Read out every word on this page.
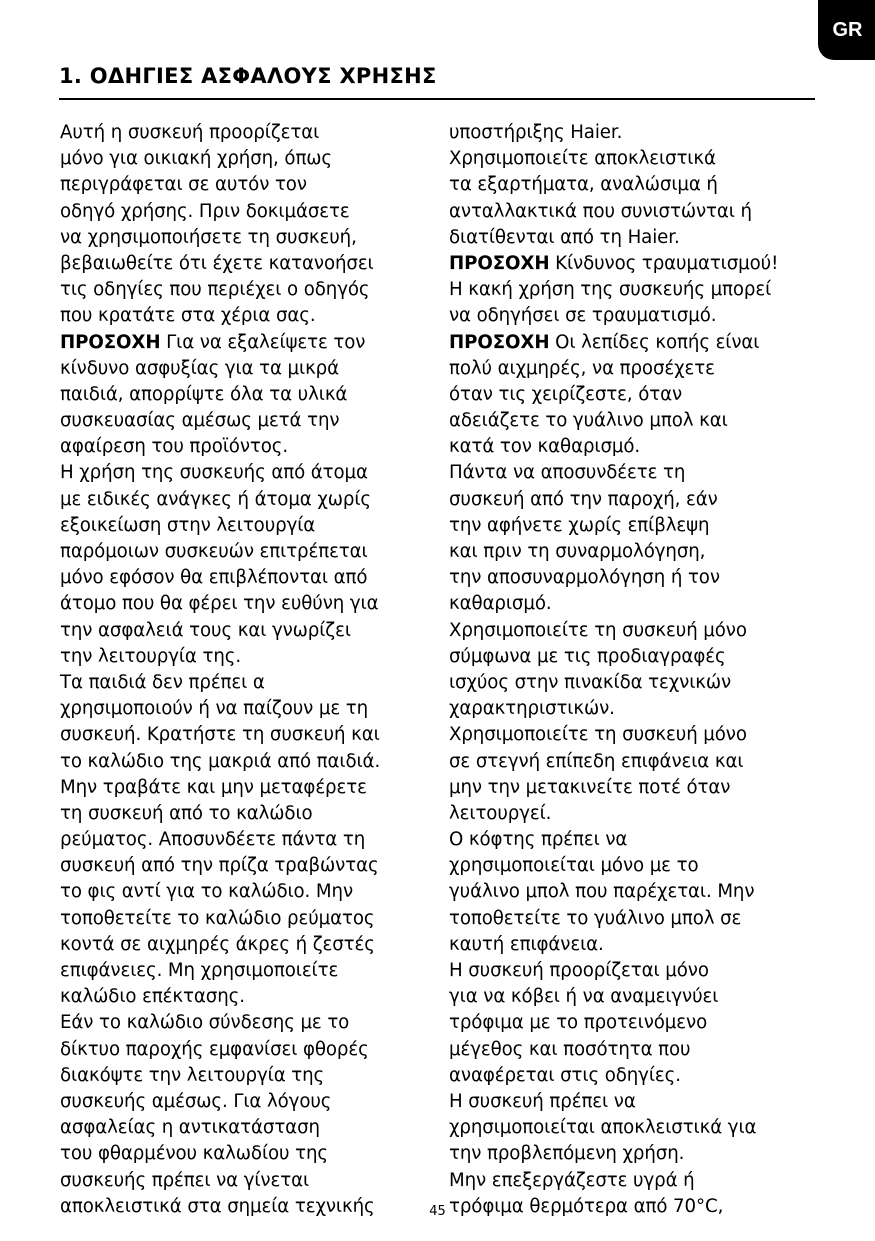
GR
1. ΟΔΗΓΙΕΣ ΑΣΦΑΛΟΥΣ ΧΡΗΣΗΣ
Αυτή η συσκευή προορίζεται
μόνο για οικιακή χρήση, όπως
περιγράφεται σε αυτόν τον
οδηγό χρήσης. Πριν δοκιμάσετε
να χρησιμοποιήσετε τη συσκευή,
βεβαιωθείτε ότι έχετε κατανοήσει
τις οδηγίες που περιέχει ο οδηγός
που κρατάτε στα χέρια σας.
ΠΡΟΣΟΧΗ Για να εξαλείψετε τον
κίνδυνο ασφυξίας για τα μικρά
παιδιά, απορρίψτε όλα τα υλικά
συσκευασίας αμέσως μετά την
αφαίρεση του προϊόντος.
Η χρήση της συσκευής από άτομα
με ειδικές ανάγκες ή άτομα χωρίς
εξοικείωση στην λειτουργία
παρόμοιων συσκευών επιτρέπεται
μόνο εφόσον θα επιβλέπονται από
άτομο που θα φέρει την ευθύνη για
την ασφαλειά τους και γνωρίζει
την λειτουργία της.
Τα παιδιά δεν πρέπει α
χρησιμοποιούν ή να παίζουν με τη
συσκευή. Κρατήστε τη συσκευή και
το καλώδιο της μακριά από παιδιά.
Μην τραβάτε και μην μεταφέρετε
τη συσκευή από το καλώδιο
ρεύματος. Αποσυνδέετε πάντα τη
συσκευή από την πρίζα τραβώντας
το φις αντί για το καλώδιο. Μην
τοποθετείτε το καλώδιο ρεύματος
κοντά σε αιχμηρές άκρες ή ζεστές
επιφάνειες. Μη χρησιμοποιείτε
καλώδιο επέκτασης.
Εάν το καλώδιο σύνδεσης με το
δίκτυο παροχής εμφανίσει φθορές
διακόψτε την λειτουργία της
συσκευής αμέσως. Για λόγους
ασφαλείας η αντικατάσταση
του φθαρμένου καλωδίου της
συσκευής πρέπει να γίνεται
αποκλειστικά στα σημεία τεχνικής
υποστήριξης Haier.
Χρησιμοποιείτε αποκλειστικά
τα εξαρτήματα, αναλώσιμα ή
ανταλλακτικά που συνιστώνται ή
διατίθενται από τη Haier.
ΠΡΟΣΟΧΗ Κίνδυνος τραυματισμού!
Η κακή χρήση της συσκευής μπορεί
να οδηγήσει σε τραυματισμό.
ΠΡΟΣΟΧΗ Οι λεπίδες κοπής είναι
πολύ αιχμηρές, να προσέχετε
όταν τις χειρίζεστε, όταν
αδειάζετε το γυάλινο μπολ και
κατά τον καθαρισμό.
Πάντα να αποσυνδέετε τη
συσκευή από την παροχή, εάν
την αφήνετε χωρίς επίβλεψη
και πριν τη συναρμολόγηση,
την αποσυναρμολόγηση ή τον
καθαρισμό.
Χρησιμοποιείτε τη συσκευή μόνο
σύμφωνα με τις προδιαγραφές
ισχύος στην πινακίδα τεχνικών
χαρακτηριστικών.
Χρησιμοποιείτε τη συσκευή μόνο
σε στεγνή επίπεδη επιφάνεια και
μην την μετακινείτε ποτέ όταν
λειτουργεί.
Ο κόφτης πρέπει να
χρησιμοποιείται μόνο με το
γυάλινο μπολ που παρέχεται. Μην
τοποθετείτε το γυάλινο μπολ σε
καυτή επιφάνεια.
Η συσκευή προορίζεται μόνο
για να κόβει ή να αναμειγνύει
τρόφιμα με το προτεινόμενο
μέγεθος και ποσότητα που
αναφέρεται στις οδηγίες.
Η συσκευή πρέπει να
χρησιμοποιείται αποκλειστικά για
την προβλεπόμενη χρήση.
Μην επεξεργάζεστε υγρά ή
τρόφιμα θερμότερα από 70°C,
45
